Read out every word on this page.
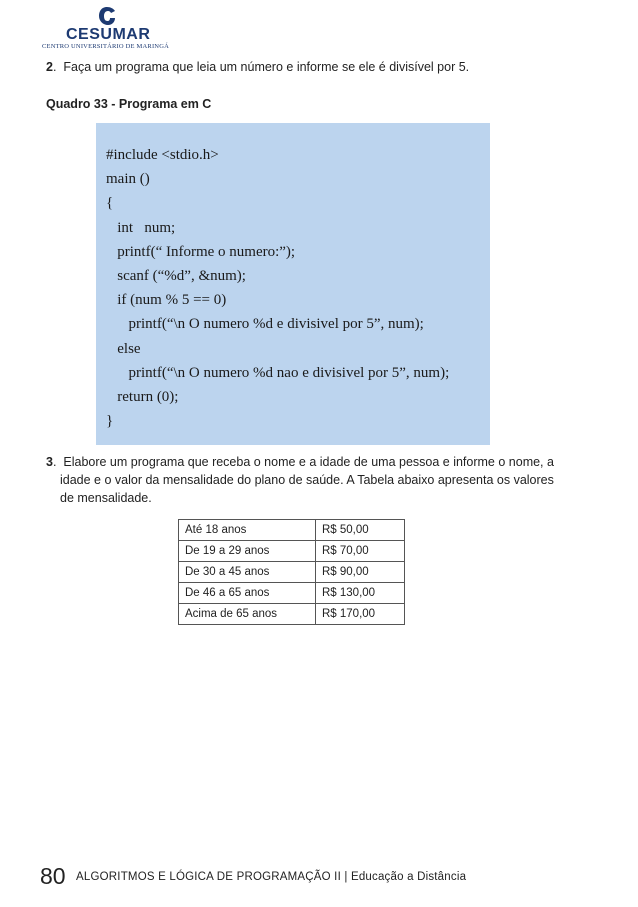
CESUMAR
CENTRO UNIVERSITÁRIO DE MARINGÁ
2.  Faça um programa que leia um número e informe se ele é divisível por 5.
Quadro 33 - Programa em C
#include <stdio.h>
main ()
{
int   num;
printf(“ Informe o numero:”);
scanf (“%d”, &num);
if (num % 5 == 0)
printf(“\n O numero %d e divisivel por 5”, num);
else
printf(“\n O numero %d nao e divisivel por 5”, num);
return (0);
}
3.  Elabore um programa que receba o nome e a idade de uma pessoa e informe o nome, a
idade e o valor da mensalidade do plano de saúde. A Tabela abaixo apresenta os valores de mensalidade.
Até 18 anos	R$ 50,00
De 19 a 29 anos	R$ 70,00
De 30 a 45 anos	R$ 90,00
De 46 a 65 anos	R$ 130,00
Acima de 65 anos	R$ 170,00
80 ALGORITMOS E LÓGICA DE PROGRAMAÇÃO II | Educação a Distância
